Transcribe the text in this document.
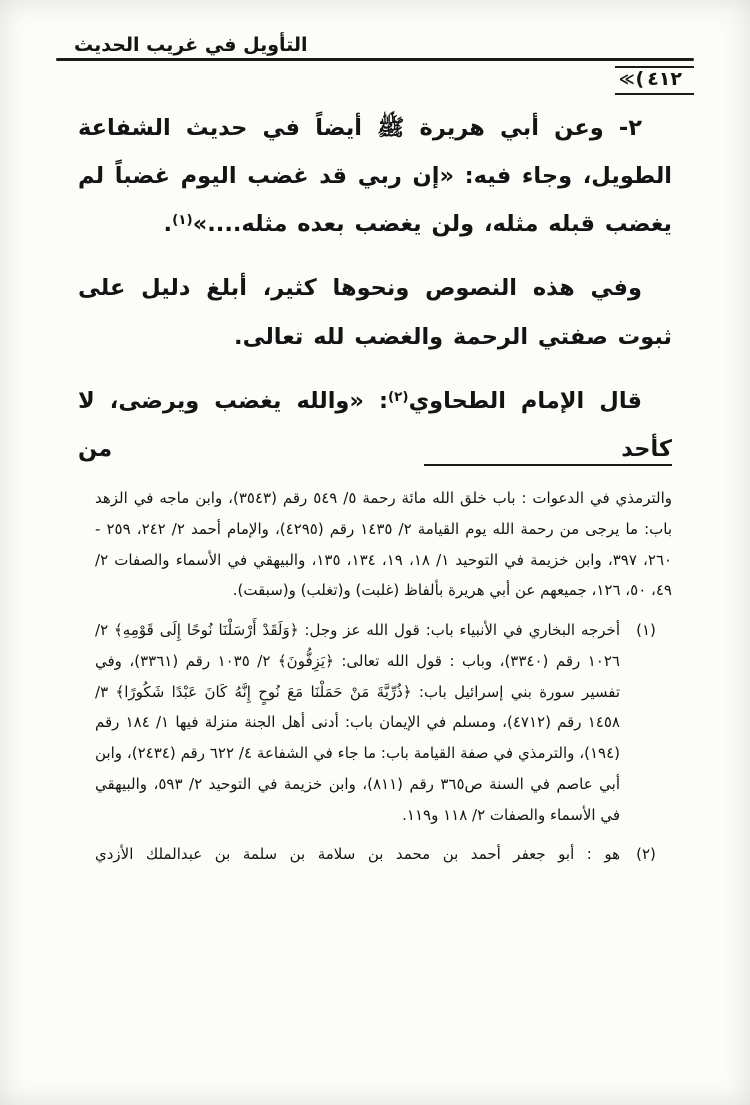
التأويل في غريب الحديث
≪ ( ٤١٢

٢- وعن أبي هريرة ﷺ أيضاً في حديث الشفاعة الطويل، وجاء فيه: «إن ربي قد غضب اليوم غضباً لم يغضب قبله مثله، ولن يغضب بعده مثله....»$^{(١)}$.

وفي هذه النصوص ونحوها كثير، أبلغ دليل على ثبوت صفتي الرحمة والغضب لله تعالى.

قال الإمام الطحاوي$^{(٢)}$: «والله يغضب ويرضى، لا كأحد من

والترمذي في الدعوات : باب خلق الله مائة رحمة ٥/ ٥٤٩ رقم (٣٥٤٣)، وابن ماجه في الزهد باب: ما يرجى من رحمة الله يوم القيامة ٢/ ١٤٣٥ رقم (٤٢٩٥)، والإمام أحمد ٢/ ٢٤٢، ٢٥٩ - ٢٦٠، ٣٩٧، وابن خزيمة في التوحيد ١/ ١٨، ١٩، ١٣٤، ١٣٥، والبيهقي في الأسماء والصفات ٢/ ٤٩، ٥٠، ١٢٦، جميعهم عن أبي هريرة بألفاظ (غلبت) و(تغلب) و(سبقت).

(١)
أخرجه البخاري في الأنبياء باب: قول الله عز وجل: ﴿وَلَقَدْ أَرْسَلْنَا نُوحًا إِلَى قَوْمِهِ﴾ ٢/ ١٠٢٦ رقم (٣٣٤٠)، وباب : قول الله تعالى: ﴿يَزِفُّونَ﴾ ٢/ ١٠٣٥ رقم (٣٣٦١)، وفي تفسير سورة بني إسرائيل باب: ﴿ذُرِّيَّةَ مَنْ حَمَلْنَا مَعَ نُوحٍ إِنَّهُ كَانَ عَبْدًا شَكُورًا﴾ ٣/ ١٤٥٨ رقم (٤٧١٢)، ومسلم في الإيمان باب: أدنى أهل الجنة منزلة فيها ١/ ١٨٤ رقم (١٩٤)، والترمذي في صفة القيامة باب: ما جاء في الشفاعة ٤/ ٦٢٢ رقم (٢٤٣٤)، وابن أبي عاصم في السنة ص٣٦٥ رقم (٨١١)، وابن خزيمة في التوحيد ٢/ ٥٩٣، والبيهقي في الأسماء والصفات ٢/ ١١٨ و١١٩.
(٢)
هو : أبو جعفر أحمد بن محمد بن سلامة بن سلمة بن عبدالملك الأزدي
